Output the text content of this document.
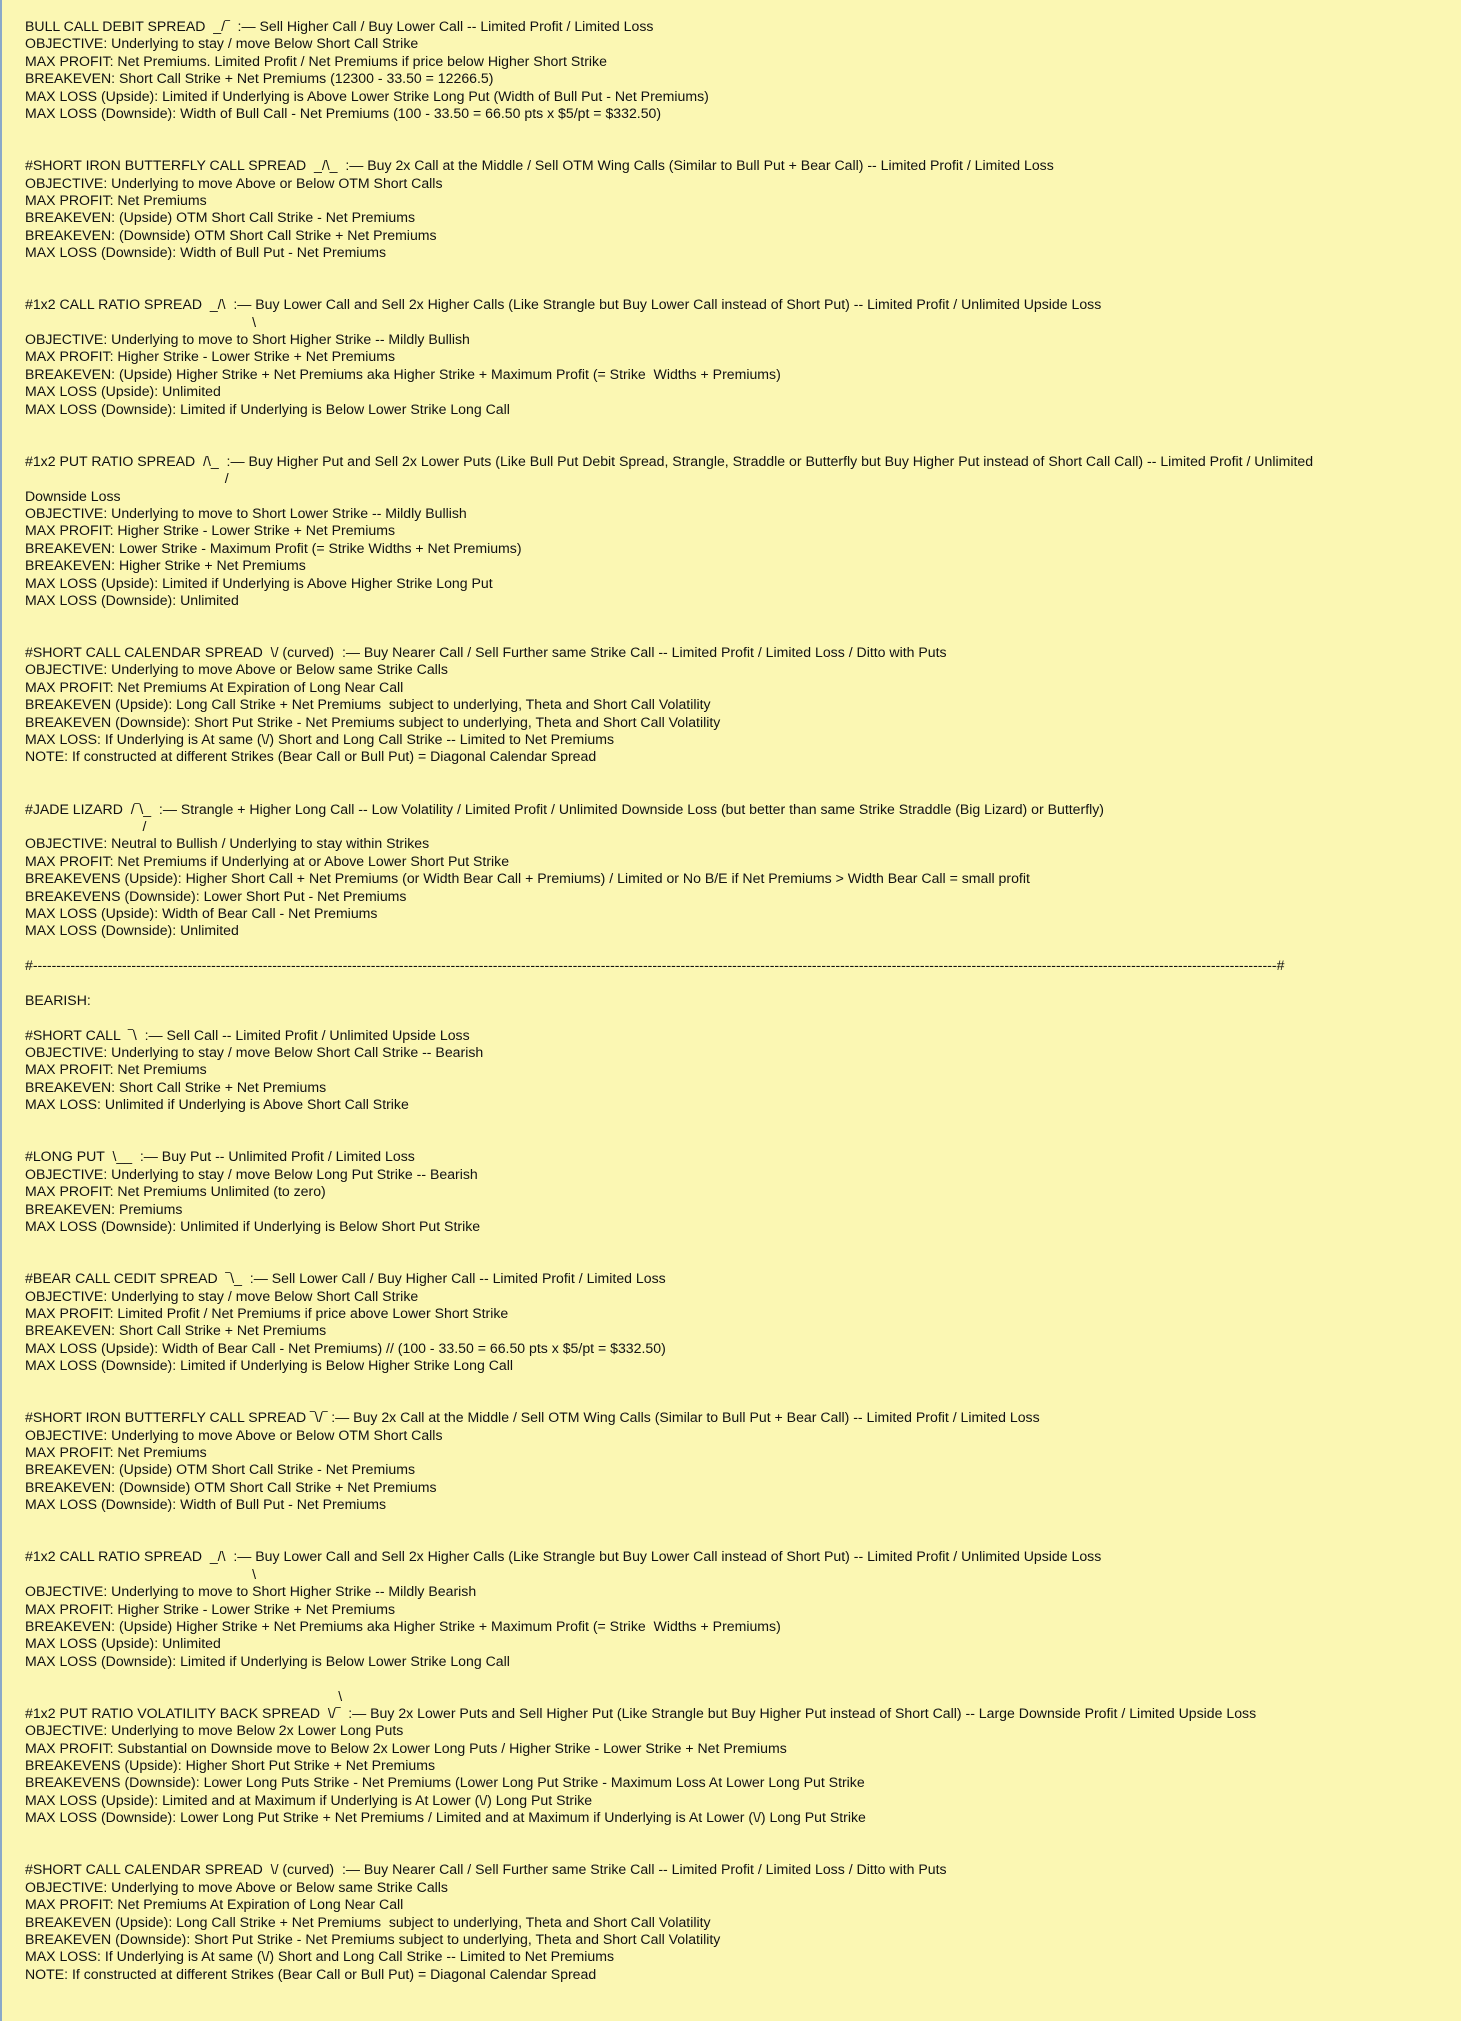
BULL CALL DEBIT SPREAD  _/‾  :— Sell Higher Call / Buy Lower Call -- Limited Profit / Limited Loss
OBJECTIVE: Underlying to stay / move Below Short Call Strike
MAX PROFIT: Net Premiums. Limited Profit / Net Premiums if price below Higher Short Strike
BREAKEVEN: Short Call Strike + Net Premiums (12300 - 33.50 = 12266.5)
MAX LOSS (Upside): Limited if Underlying is Above Lower Strike Long Put (Width of Bull Put - Net Premiums)
MAX LOSS (Downside): Width of Bull Call - Net Premiums (100 - 33.50 = 66.50 pts x $5/pt = $332.50)
#SHORT IRON BUTTERFLY CALL SPREAD  _/\_  :— Buy 2x Call at the Middle / Sell OTM Wing Calls (Similar to Bull Put + Bear Call) -- Limited Profit / Limited Loss
OBJECTIVE: Underlying to move Above or Below OTM Short Calls
MAX PROFIT: Net Premiums
BREAKEVEN: (Upside) OTM Short Call Strike - Net Premiums
BREAKEVEN: (Downside) OTM Short Call Strike + Net Premiums
MAX LOSS (Downside): Width of Bull Put - Net Premiums
#1x2 CALL RATIO SPREAD  _/\  :— Buy Lower Call and Sell 2x Higher Calls (Like Strangle but Buy Lower Call instead of Short Put) -- Limited Profit / Unlimited Upside Loss
\
OBJECTIVE: Underlying to move to Short Higher Strike -- Mildly Bullish
MAX PROFIT: Higher Strike - Lower Strike + Net Premiums
BREAKEVEN: (Upside) Higher Strike + Net Premiums aka Higher Strike + Maximum Profit (= Strike  Widths + Premiums)
MAX LOSS (Upside): Unlimited
MAX LOSS (Downside): Limited if Underlying is Below Lower Strike Long Call
#1x2 PUT RATIO SPREAD  /\_  :— Buy Higher Put and Sell 2x Lower Puts (Like Bull Put Debit Spread, Strangle, Straddle or Butterfly but Buy Higher Put instead of Short Call Call) -- Limited Profit / Unlimited
/
Downside Loss
OBJECTIVE: Underlying to move to Short Lower Strike -- Mildly Bullish
MAX PROFIT: Higher Strike - Lower Strike + Net Premiums
BREAKEVEN: Lower Strike - Maximum Profit (= Strike Widths + Net Premiums)
BREAKEVEN: Higher Strike + Net Premiums
MAX LOSS (Upside): Limited if Underlying is Above Higher Strike Long Put
MAX LOSS (Downside): Unlimited
#SHORT CALL CALENDAR SPREAD  \/ (curved)  :— Buy Nearer Call / Sell Further same Strike Call -- Limited Profit / Limited Loss / Ditto with Puts
OBJECTIVE: Underlying to move Above or Below same Strike Calls
MAX PROFIT: Net Premiums At Expiration of Long Near Call
BREAKEVEN (Upside): Long Call Strike + Net Premiums  subject to underlying, Theta and Short Call Volatility
BREAKEVEN (Downside): Short Put Strike - Net Premiums subject to underlying, Theta and Short Call Volatility
MAX LOSS: If Underlying is At same (\/) Short and Long Call Strike -- Limited to Net Premiums
NOTE: If constructed at different Strikes (Bear Call or Bull Put) = Diagonal Calendar Spread
#JADE LIZARD  /‾\_  :— Strangle + Higher Long Call -- Low Volatility / Limited Profit / Unlimited Downside Loss (but better than same Strike Straddle (Big Lizard) or Butterfly)
/
OBJECTIVE: Neutral to Bullish / Underlying to stay within Strikes
MAX PROFIT: Net Premiums if Underlying at or Above Lower Short Put Strike
BREAKEVENS (Upside): Higher Short Call + Net Premiums (or Width Bear Call + Premiums) / Limited or No B/E if Net Premiums > Width Bear Call = small profit
BREAKEVENS (Downside): Lower Short Put - Net Premiums
MAX LOSS (Upside): Width of Bear Call - Net Premiums
MAX LOSS (Downside): Unlimited
#-------------------------------------------------------------------------------------------------------------------------------------------------------------------------------------------------------------------------------------------------------------------------#
BEARISH:
#SHORT CALL  ‾\  :— Sell Call -- Limited Profit / Unlimited Upside Loss
OBJECTIVE: Underlying to stay / move Below Short Call Strike -- Bearish
MAX PROFIT: Net Premiums
BREAKEVEN: Short Call Strike + Net Premiums
MAX LOSS: Unlimited if Underlying is Above Short Call Strike
#LONG PUT  \__  :— Buy Put -- Unlimited Profit / Limited Loss
OBJECTIVE: Underlying to stay / move Below Long Put Strike -- Bearish
MAX PROFIT: Net Premiums Unlimited (to zero)
BREAKEVEN: Premiums
MAX LOSS (Downside): Unlimited if Underlying is Below Short Put Strike
#BEAR CALL CEDIT SPREAD  ‾\_  :— Sell Lower Call / Buy Higher Call -- Limited Profit / Limited Loss
OBJECTIVE: Underlying to stay / move Below Short Call Strike
MAX PROFIT: Limited Profit / Net Premiums if price above Lower Short Strike
BREAKEVEN: Short Call Strike + Net Premiums
MAX LOSS (Upside): Width of Bear Call - Net Premiums) // (100 - 33.50 = 66.50 pts x $5/pt = $332.50)
MAX LOSS (Downside): Limited if Underlying is Below Higher Strike Long Call
#SHORT IRON BUTTERFLY CALL SPREAD ‾\/‾ :— Buy 2x Call at the Middle / Sell OTM Wing Calls (Similar to Bull Put + Bear Call) -- Limited Profit / Limited Loss
OBJECTIVE: Underlying to move Above or Below OTM Short Calls
MAX PROFIT: Net Premiums
BREAKEVEN: (Upside) OTM Short Call Strike - Net Premiums
BREAKEVEN: (Downside) OTM Short Call Strike + Net Premiums
MAX LOSS (Downside): Width of Bull Put - Net Premiums
#1x2 CALL RATIO SPREAD  _/\  :— Buy Lower Call and Sell 2x Higher Calls (Like Strangle but Buy Lower Call instead of Short Put) -- Limited Profit / Unlimited Upside Loss
\
OBJECTIVE: Underlying to move to Short Higher Strike -- Mildly Bearish
MAX PROFIT: Higher Strike - Lower Strike + Net Premiums
BREAKEVEN: (Upside) Higher Strike + Net Premiums aka Higher Strike + Maximum Profit (= Strike  Widths + Premiums)
MAX LOSS (Upside): Unlimited
MAX LOSS (Downside): Limited if Underlying is Below Lower Strike Long Call
\
#1x2 PUT RATIO VOLATILITY BACK SPREAD  \/‾  :— Buy 2x Lower Puts and Sell Higher Put (Like Strangle but Buy Higher Put instead of Short Call) -- Large Downside Profit / Limited Upside Loss
OBJECTIVE: Underlying to move Below 2x Lower Long Puts
MAX PROFIT: Substantial on Downside move to Below 2x Lower Long Puts / Higher Strike - Lower Strike + Net Premiums
BREAKEVENS (Upside): Higher Short Put Strike + Net Premiums
BREAKEVENS (Downside): Lower Long Puts Strike - Net Premiums (Lower Long Put Strike - Maximum Loss At Lower Long Put Strike
MAX LOSS (Upside): Limited and at Maximum if Underlying is At Lower (\/) Long Put Strike
MAX LOSS (Downside): Lower Long Put Strike + Net Premiums / Limited and at Maximum if Underlying is At Lower (\/) Long Put Strike
#SHORT CALL CALENDAR SPREAD  \/ (curved)  :— Buy Nearer Call / Sell Further same Strike Call -- Limited Profit / Limited Loss / Ditto with Puts
OBJECTIVE: Underlying to move Above or Below same Strike Calls
MAX PROFIT: Net Premiums At Expiration of Long Near Call
BREAKEVEN (Upside): Long Call Strike + Net Premiums  subject to underlying, Theta and Short Call Volatility
BREAKEVEN (Downside): Short Put Strike - Net Premiums subject to underlying, Theta and Short Call Volatility
MAX LOSS: If Underlying is At same (\/) Short and Long Call Strike -- Limited to Net Premiums
NOTE: If constructed at different Strikes (Bear Call or Bull Put) = Diagonal Calendar Spread
